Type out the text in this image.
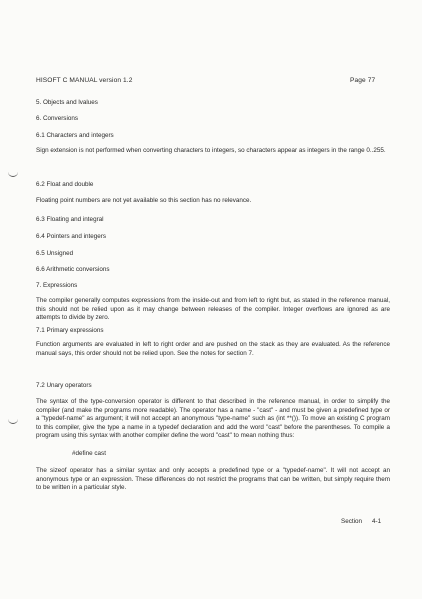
HISOFT C MANUAL version 1.2	Page 77
5. Objects and lvalues
6. Conversions
6.1 Characters and integers
Sign extension is not performed when converting characters to integers, so characters appear as integers in the range 0..255.
6.2 Float and double
Floating point numbers are not yet available so this section has no relevance.
6.3 Floating and integral
6.4 Pointers and integers
6.5 Unsigned
6.6 Arithmetic conversions
7. Expressions
The compiler generally computes expressions from the inside-out and from left to right but, as stated in the reference manual, this should not be relied upon as it may change between releases of the compiler. Integer overflows are ignored as are attempts to divide by zero.
7.1 Primary expressions
Function arguments are evaluated in left to right order and are pushed on the stack as they are evaluated. As the reference manual says, this order should not be relied upon. See the notes for section 7.
7.2 Unary operators
The syntax of the type-conversion operator is different to that described in the reference manual, in order to simplify the compiler (and make the programs more readable). The operator has a name - "cast" - and must be given a predefined type or a "typedef-name" as argument; it will not accept an anonymous "type-name" such as (int **()). To move an existing C program to this compiler, give the type a name in a typedef declaration and add the word "cast" before the parentheses. To compile a program using this syntax with another compiler define the word "cast" to mean nothing thus:
#define cast
The sizeof operator has a similar syntax and only accepts a predefined type or a "typedef-name". It will not accept an anonymous type or an expression. These differences do not restrict the programs that can be written, but simply require them to be written in a particular style.
Section 4-1
